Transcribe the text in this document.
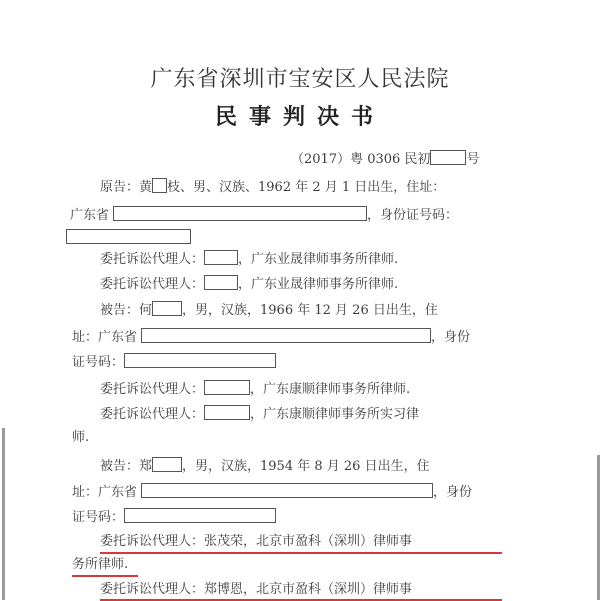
广东省深圳市宝安区人民法院
民事判决书
（2017）粤 0306 民初	号
原告：黄 枝、男、汉族、1962 年 2 月 1 日出生，住址：
广东省	，身份证号码：
委托诉讼代理人：	，广东业晟律师事务所律师.
委托诉讼代理人：	，广东业晟律师事务所律师.
被告：何 ，男，汉族，1966 年 12 月 26 日出生，住
址：广东省	，身份
证号码：
委托诉讼代理人：	，广东康顺律师事务所律师.
委托诉讼代理人：	，广东康顺律师事务所实习律
师.
被告：郑 ，男，汉族，1954 年 8 月 26 日出生，住
址：广东省	，身份
证号码：
委托诉讼代理人：张茂荣，北京市盈科（深圳）律师事
务所律师.
委托诉讼代理人：郑博恩，北京市盈科（深圳）律师事
